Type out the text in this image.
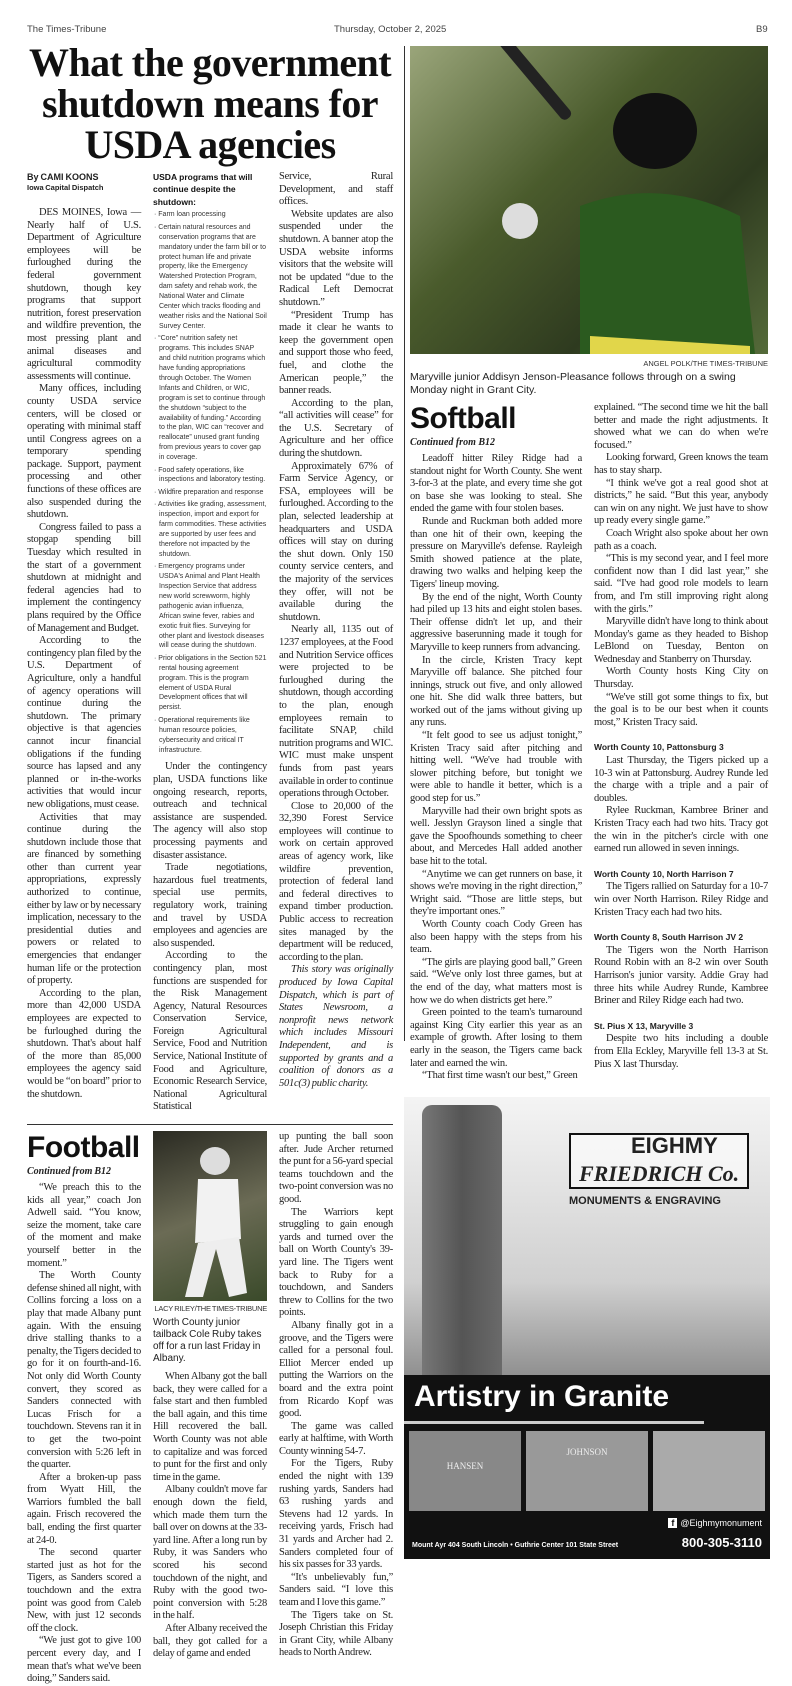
The Times-Tribune	Thursday, October 2, 2025	B9
What the government shutdown means for USDA agencies
By CAMI KOONS
Iowa Capital Dispatch

DES MOINES, Iowa — Nearly half of U.S. Department of Agriculture employees will be furloughed during the federal government shutdown, though key programs that support nutrition, forest preservation and wildfire prevention, the most pressing plant and animal diseases and agricultural commodity assessments will continue.

Many offices, including county USDA service centers, will be closed or operating with minimal staff until Congress agrees on a temporary spending package. Support, payment processing and other functions of these offices are also suspended during the shutdown.

Congress failed to pass a stopgap spending bill Tuesday which resulted in the start of a government shutdown at midnight and federal agencies had to implement the contingency plans required by the Office of Management and Budget.

According to the contingency plan filed by the U.S. Department of Agriculture, only a handful of agency operations will continue during the shutdown. The primary objective is that agencies cannot incur financial obligations if the funding source has lapsed and any planned or in-the-works activities that would incur new obligations, must cease.

Activities that may continue during the shutdown include those that are financed by something other than current year appropriations, expressly authorized to continue, either by law or by necessary implication, necessary to the presidential duties and powers or related to emergencies that endanger human life or the protection of property.

According to the plan, more than 42,000 USDA employees are expected to be furloughed during the shutdown. That's about half of the more than 85,000 employees the agency said would be “on board” prior to the shutdown.

USDA programs that will continue despite the shutdown:
· Farm loan processing
· Certain natural resources and conservation programs that are mandatory under the farm bill or to protect human life and private property, like the Emergency Watershed Protection Program, dam safety and rehab work, the National Water and Climate Center which tracks flooding and weather risks and the National Soil Survey Center.
· “Core” nutrition safety net programs. This includes SNAP and child nutrition programs which have funding appropriations through October. The Women Infants and Children, or WIC, program is set to continue through the shutdown “subject to the availability of funding.” According to the plan, WIC can “recover and reallocate” unused grant funding from previous years to cover gap in coverage.
· Food safety operations, like inspections and laboratory testing.
· Wildfire preparation and response
· Activities like grading, assessment, inspection, import and export for farm commodities. These activities are supported by user fees and therefore not impacted by the shutdown.
· Emergency programs under USDA's Animal and Plant Health Inspection Service that address new world screwworm, highly pathogenic avian influenza, African swine fever, rabies and exotic fruit flies. Surveying for other plant and livestock diseases will cease during the shutdown.
· Prior obligations in the Section 521 rental housing agreement program. This is the program element of USDA Rural Development offices that will persist.
· Operational requirements like human resource policies, cybersecurity and critical IT infrastructure.

Under the contingency plan, USDA functions like ongoing research, reports, outreach and technical assistance are suspended. The agency will also stop processing payments and disaster assistance.

Trade negotiations, hazardous fuel treatments, special use permits, regulatory work, training and travel by USDA employees and agencies are also suspended.

According to the contingency plan, most functions are suspended for the Risk Management Agency, Natural Resources Conservation Service, Foreign Agricultural Service, Food and Nutrition Service, National Institute of Food and Agriculture, Economic Research Service, National Agricultural Statistical

Service, Rural Development, and staff offices.

Website updates are also suspended under the shutdown. A banner atop the USDA website informs visitors that the website will not be updated “due to the Radical Left Democrat shutdown.”

“President Trump has made it clear he wants to keep the government open and support those who feed, fuel, and clothe the American people,” the banner reads.

According to the plan, “all activities will cease” for the U.S. Secretary of Agriculture and her office during the shutdown.

Approximately 67% of Farm Service Agency, or FSA, employees will be furloughed. According to the plan, selected leadership at headquarters and USDA offices will stay on during the shut down. Only 150 county service centers, and the majority of the services they offer, will not be available during the shutdown.

Nearly all, 1135 out of 1237 employees, at the Food and Nutrition Service offices were projected to be furloughed during the shutdown, though according to the plan, enough employees remain to facilitate SNAP, child nutrition programs and WIC. WIC must make unspent funds from past years available in order to continue operations through October.

Close to 20,000 of the 32,390 Forest Service employees will continue to work on certain approved areas of agency work, like wildfire prevention, protection of federal land and federal directives to expand timber production. Public access to recreation sites managed by the department will be reduced, according to the plan.

This story was originally produced by Iowa Capital Dispatch, which is part of States Newsroom, a nonprofit news network which includes Missouri Independent, and is supported by grants and a coalition of donors as a 501c(3) public charity.

Football
Continued from B12

“We preach this to the kids all year,” coach Jon Adwell said. “You know, seize the moment, take care of the moment and make yourself better in the moment.”

The Worth County defense shined all night, with Collins forcing a loss on a play that made Albany punt again. With the ensuing drive stalling thanks to a penalty, the Tigers decided to go for it on fourth-and-16. Not only did Worth County convert, they scored as Sanders connected with Lucas Frisch for a touchdown. Stevens ran it in to get the two-point conversion with 5:26 left in the quarter.

After a broken-up pass from Wyatt Hill, the Warriors fumbled the ball again. Frisch recovered the ball, ending the first quarter at 24-0.

The second quarter started just as hot for the Tigers, as Sanders scored a touchdown and the extra point was good from Caleb New, with just 12 seconds off the clock.

“We just got to give 100 percent every day, and I mean that's what we've been doing,” Sanders said.

LACY RILEY/THE TIMES-TRIBUNE
Worth County junior tailback Cole Ruby takes off for a run last Friday in Albany.

When Albany got the ball back, they were called for a false start and then fumbled the ball again, and this time Hill recovered the ball. Worth County was not able to capitalize and was forced to punt for the first and only time in the game.

Albany couldn't move far enough down the field, which made them turn the ball over on downs at the 33-yard line. After a long run by Ruby, it was Sanders who scored his second touchdown of the night, and Ruby with the good two-point conversion with 5:28 in the half.

After Albany received the ball, they got called for a delay of game and ended

up punting the ball soon after. Jude Archer returned the punt for a 56-yard special teams touchdown and the two-point conversion was no good.

The Warriors kept struggling to gain enough yards and turned over the ball on Worth County's 39-yard line. The Tigers went back to Ruby for a touchdown, and Sanders threw to Collins for the two points.

Albany finally got in a groove, and the Tigers were called for a personal foul. Elliot Mercer ended up putting the Warriors on the board and the extra point from Ricardo Kopf was good.

The game was called early at halftime, with Worth County winning 54-7.

For the Tigers, Ruby ended the night with 139 rushing yards, Sanders had 63 rushing yards and Stevens had 12 yards. In receiving yards, Frisch had 31 yards and Archer had 2. Sanders completed four of his six passes for 33 yards.

“It's unbelievably fun,” Sanders said. “I love this team and I love this game.”

The Tigers take on St. Joseph Christian this Friday in Grant City, while Albany heads to North Andrew.

ANGEL POLK/THE TIMES-TRIBUNE
Maryville junior Addisyn Jenson-Pleasance follows through on a swing Monday night in Grant City.
Softball
Continued from B12

Leadoff hitter Riley Ridge had a standout night for Worth County. She went 3-for-3 at the plate, and every time she got on base she was looking to steal. She ended the game with four stolen bases.

Runde and Ruckman both added more than one hit of their own, keeping the pressure on Maryville's defense. Rayleigh Smith showed patience at the plate, drawing two walks and helping keep the Tigers' lineup moving.

By the end of the night, Worth County had piled up 13 hits and eight stolen bases. Their offense didn't let up, and their aggressive baserunning made it tough for Maryville to keep runners from advancing.

In the circle, Kristen Tracy kept Maryville off balance. She pitched four innings, struck out five, and only allowed one hit. She did walk three batters, but worked out of the jams without giving up any runs.

“It felt good to see us adjust tonight,” Kristen Tracy said after pitching and hitting well. “We've had trouble with slower pitching before, but tonight we were able to handle it better, which is a good step for us.”

Maryville had their own bright spots as well. Jesslyn Grayson lined a single that gave the Spoofhounds something to cheer about, and Mercedes Hall added another base hit to the total.

“Anytime we can get runners on base, it shows we're moving in the right direction,” Wright said. “Those are little steps, but they're important ones.”

Worth County coach Cody Green has also been happy with the steps from his team.

“The girls are playing good ball,” Green said. “We've only lost three games, but at the end of the day, what matters most is how we do when districts get here.”

Green pointed to the team's turnaround against King City earlier this year as an example of growth. After losing to them early in the season, the Tigers came back later and earned the win.

“That first time wasn't our best,” Green

explained. “The second time we hit the ball better and made the right adjustments. It showed what we can do when we're focused.”

Looking forward, Green knows the team has to stay sharp.

“I think we've got a real good shot at districts,” he said. “But this year, anybody can win on any night. We just have to show up ready every single game.”

Coach Wright also spoke about her own path as a coach.

“This is my second year, and I feel more confident now than I did last year,” she said. “I've had good role models to learn from, and I'm still improving right along with the girls.”

Maryville didn't have long to think about Monday's game as they headed to Bishop LeBlond on Tuesday, Benton on Wednesday and Stanberry on Thursday.

Worth County hosts King City on Thursday.

“We've still got some things to fix, but the goal is to be our best when it counts most,” Kristen Tracy said.

Worth County 10, Pattonsburg 3

Last Thursday, the Tigers picked up a 10-3 win at Pattonsburg. Audrey Runde led the charge with a triple and a pair of doubles.

Rylee Ruckman, Kambree Briner and Kristen Tracy each had two hits. Tracy got the win in the pitcher's circle with one earned run allowed in seven innings.

Worth County 10, North Harrison 7

The Tigers rallied on Saturday for a 10-7 win over North Harrison. Riley Ridge and Kristen Tracy each had two hits.

Worth County 8, South Harrison JV 2

The Tigers won the North Harrison Round Robin with an 8-2 win over South Harrison's junior varsity. Addie Gray had three hits while Audrey Runde, Kambree Briner and Riley Ridge each had two.

St. Pius X 13, Maryville 3

Despite two hits including a double from Ella Eckley, Maryville fell 13-3 at St. Pius X last Thursday.

EIGHMY
FRIEDRICH Co.
MONUMENTS & ENGRAVING
Artistry in Granite
HANSEN
JOHNSON
f @Eighmymonument
Mount Ayr 404 South Lincoln • Guthrie Center 101 State Street	800-305-3110
